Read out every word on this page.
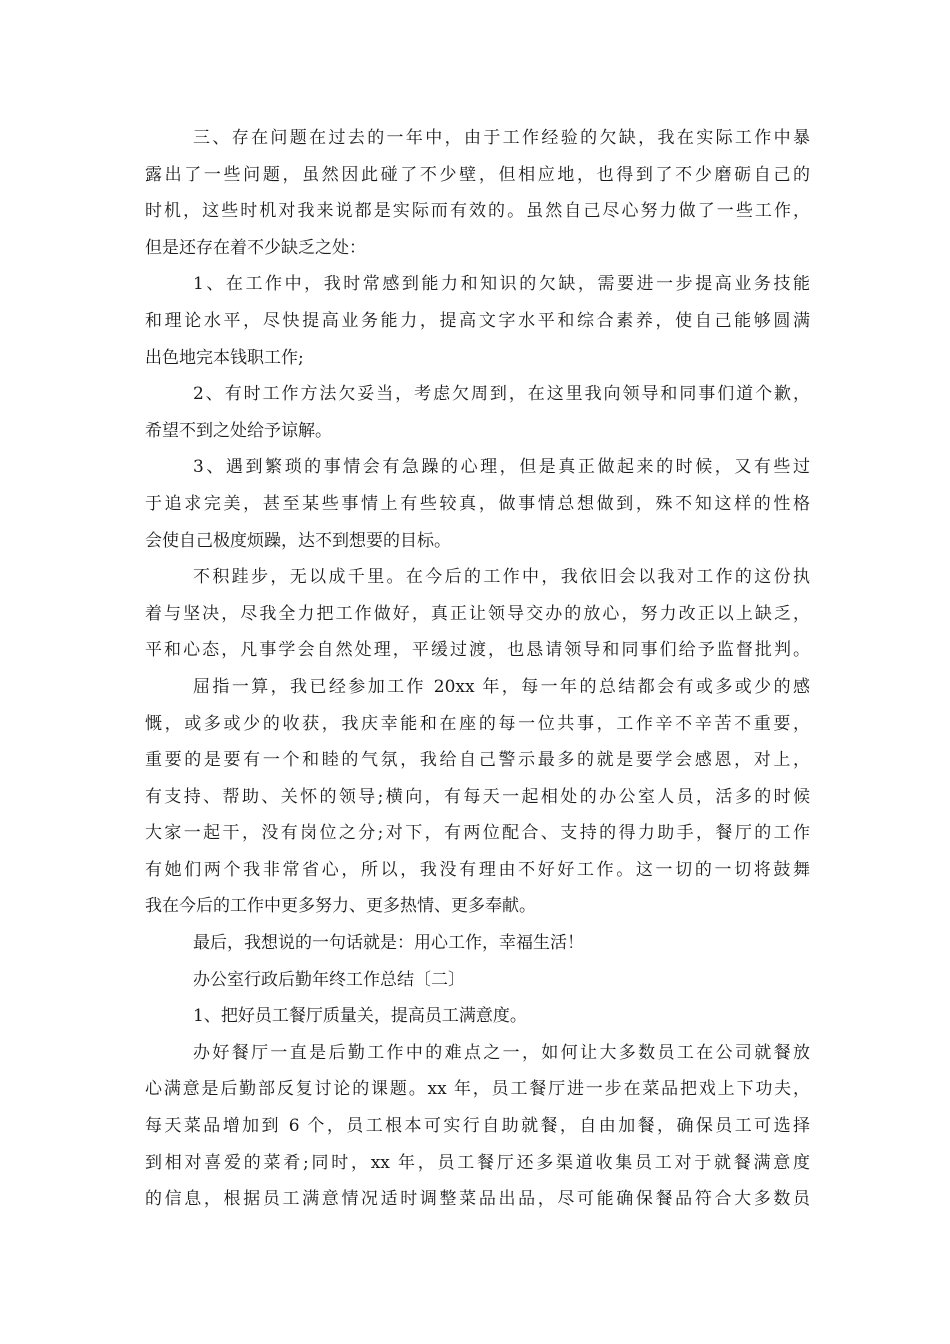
三、存在问题在过去的一年中，由于工作经验的欠缺，我在实际工作中暴
露出了一些问题，虽然因此碰了不少壁，但相应地，也得到了不少磨砺自己的
时机，这些时机对我来说都是实际而有效的。虽然自己尽心努力做了一些工作，
但是还存在着不少缺乏之处：
1、在工作中，我时常感到能力和知识的欠缺，需要进一步提高业务技能
和理论水平，尽快提高业务能力，提高文字水平和综合素养，使自己能够圆满
出色地完本钱职工作;
2、有时工作方法欠妥当，考虑欠周到，在这里我向领导和同事们道个歉，
希望不到之处给予谅解。
3、遇到繁琐的事情会有急躁的心理，但是真正做起来的时候，又有些过
于追求完美，甚至某些事情上有些较真，做事情总想做到，殊不知这样的性格
会使自己极度烦躁，达不到想要的目标。
不积跬步，无以成千里。在今后的工作中，我依旧会以我对工作的这份执
着与坚决，尽我全力把工作做好，真正让领导交办的放心，努力改正以上缺乏，
平和心态，凡事学会自然处理，平缓过渡，也恳请领导和同事们给予监督批判。
屈指一算，我已经参加工作 20xx 年，每一年的总结都会有或多或少的感
慨，或多或少的收获，我庆幸能和在座的每一位共事，工作辛不辛苦不重要，
重要的是要有一个和睦的气氛，我给自己警示最多的就是要学会感恩，对上，
有支持、帮助、关怀的领导;横向，有每天一起相处的办公室人员，活多的时候
大家一起干，没有岗位之分;对下，有两位配合、支持的得力助手，餐厅的工作
有她们两个我非常省心，所以，我没有理由不好好工作。这一切的一切将鼓舞
我在今后的工作中更多努力、更多热情、更多奉献。
最后，我想说的一句话就是：用心工作，幸福生活！
办公室行政后勤年终工作总结〔二〕
1、把好员工餐厅质量关，提高员工满意度。
办好餐厅一直是后勤工作中的难点之一，如何让大多数员工在公司就餐放
心满意是后勤部反复讨论的课题。xx 年，员工餐厅进一步在菜品把戏上下功夫，
每天菜品增加到 6 个，员工根本可实行自助就餐，自由加餐，确保员工可选择
到相对喜爱的菜肴;同时，xx 年，员工餐厅还多渠道收集员工对于就餐满意度
的信息，根据员工满意情况适时调整菜品出品，尽可能确保餐品符合大多数员
